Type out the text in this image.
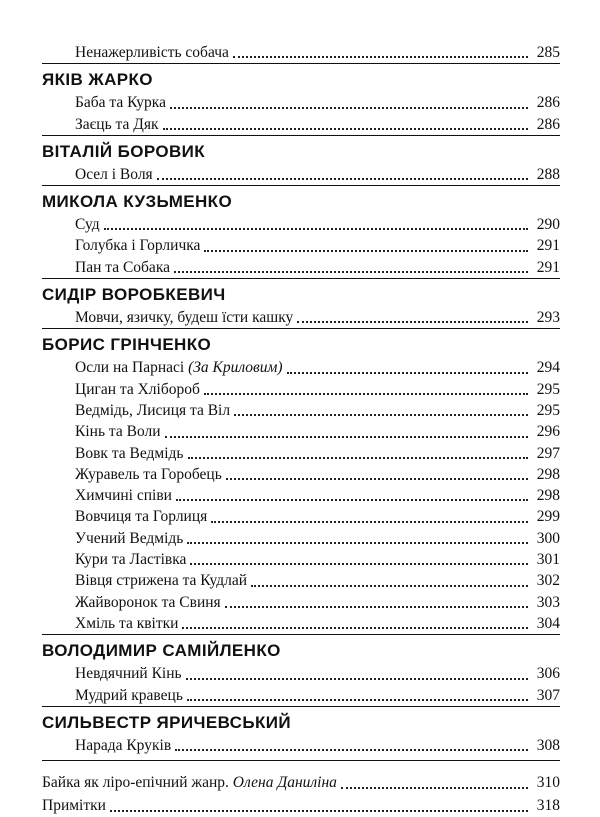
Ненажерливість собача	285
ЯКІВ ЖАРКО
Баба та Курка	286
Заєць та Дяк	286
ВІТАЛІЙ БОРОВИК
Осел і Воля	288
МИКОЛА КУЗЬМЕНКО
Суд	290
Голубка і Горличка	291
Пан та Собака	291
СИДІР ВОРОБКЕВИЧ
Мовчи, язичку, будеш їсти кашку	293
БОРИС ГРІНЧЕНКО
Осли на Парнасі (За Криловим)	294
Циган та Хлібороб	295
Ведмідь, Лисиця та Віл	295
Кінь та Воли	296
Вовк та Ведмідь	297
Журавель та Горобець	298
Химчині співи	298
Вовчиця та Горлиця	299
Учений Ведмідь	300
Кури та Ластівка	301
Вівця стрижена та Кудлай	302
Жайворонок та Свиня	303
Хміль та квітки	304
ВОЛОДИМИР САМІЙЛЕНКО
Невдячний Кінь	306
Мудрий кравець	307
СИЛЬВЕСТР ЯРИЧЕВСЬКИЙ
Нарада Круків	308
Байка як ліро-епічний жанр. Олена Даниліна	310
Примітки	318
